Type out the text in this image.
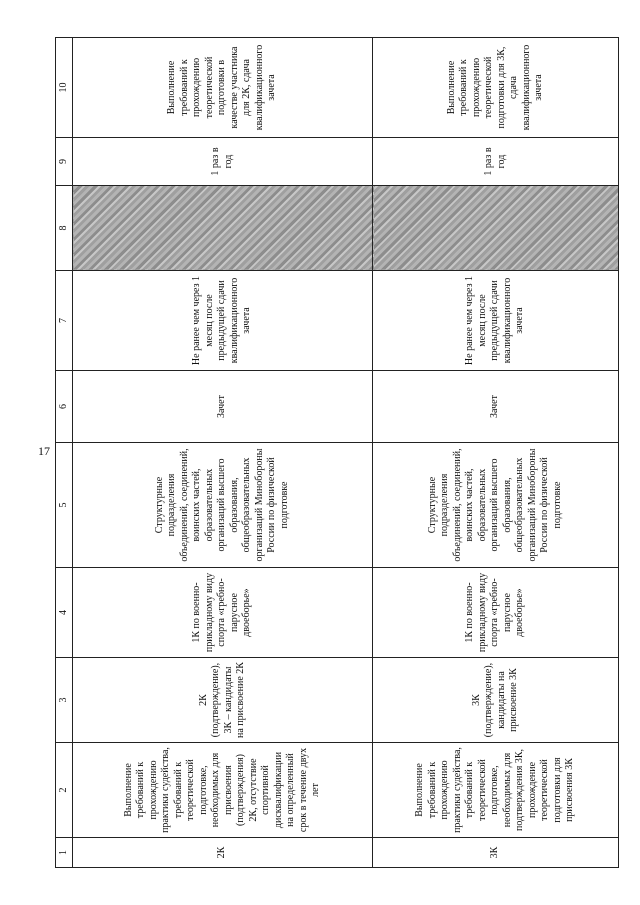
17
1	2	3	4	5	6	7	8	9	10
2К	Выполнение требований к прохождению практики судейства, требований к теоретической подготовке, необходимых для присвоения (подтверждения) 2К, отсутствие спортивной дисквалификации на определенный срок в течение двух лет	2К (подтверждение), 3К – кандидаты на присвоение 2К	1К по военно-прикладному виду спорта «гребно-парусное двоеборье»	Структурные подразделения объединений, соединений, воинских частей, образовательных организаций высшего образования, общеобразовательных организаций Минобороны России по физической подготовке	Зачет	Не ранее чем через 1 месяц после предыдущей сдачи квалификационного зачета		1 раз в год	Выполнение требований к прохождению теоретической подготовки в качестве участника для 2К, сдача квалификационного зачета
3К	Выполнение требований к прохождению практики судейства, требований к теоретической подготовке, необходимых для подтверждения 3К, прохождение теоретической подготовки для присвоения 3К	3К (подтверждение), кандидаты на присвоение 3К	1К по военно-прикладному виду спорта «гребно-парусное двоеборье»	Структурные подразделения объединений, соединений, воинских частей, образовательных организаций высшего образования, общеобразовательных организаций Минобороны России по физической подготовке	Зачет	Не ранее чем через 1 месяц после предыдущей сдачи квалификационного зачета		1 раз в год	Выполнение требований к прохождению теоретической подготовки для 3К, сдача квалификационного зачета
